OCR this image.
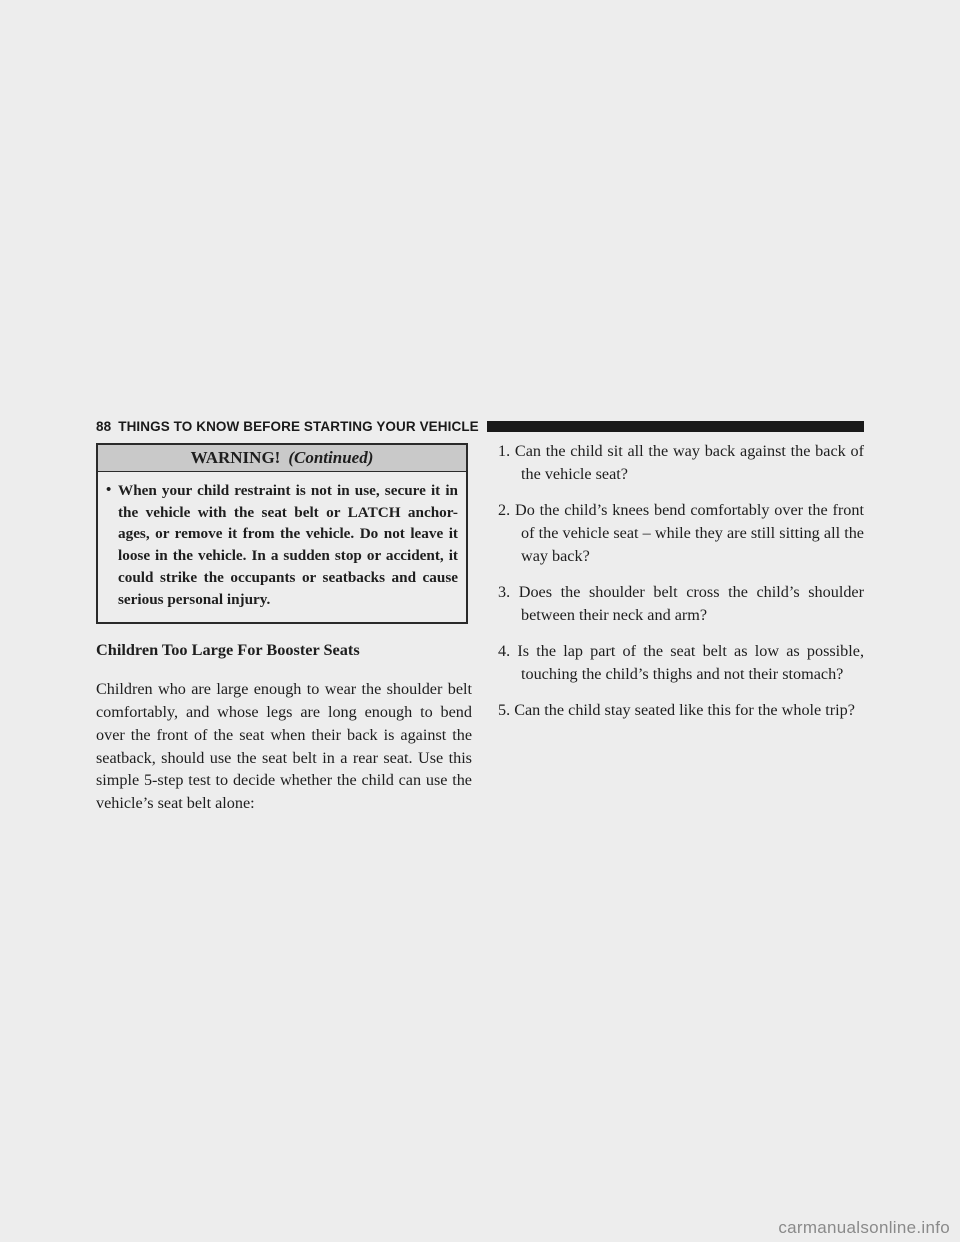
88 THINGS TO KNOW BEFORE STARTING YOUR VEHICLE
WARNING! (Continued)
• When your child restraint is not in use, secure it in the vehicle with the seat belt or LATCH anchor-ages, or remove it from the vehicle. Do not leave it loose in the vehicle. In a sudden stop or accident, it could strike the occupants or seatbacks and cause serious personal injury.

Children Too Large For Booster Seats

Children who are large enough to wear the shoulder belt comfortably, and whose legs are long enough to bend over the front of the seat when their back is against the seatback, should use the seat belt in a rear seat. Use this simple 5-step test to decide whether the child can use the vehicle’s seat belt alone:

1. Can the child sit all the way back against the back of the vehicle seat?
2. Do the child’s knees bend comfortably over the front of the vehicle seat – while they are still sitting all the way back?
3. Does the shoulder belt cross the child’s shoulder between their neck and arm?
4. Is the lap part of the seat belt as low as possible, touching the child’s thighs and not their stomach?
5. Can the child stay seated like this for the whole trip?
carmanualsonline.info
